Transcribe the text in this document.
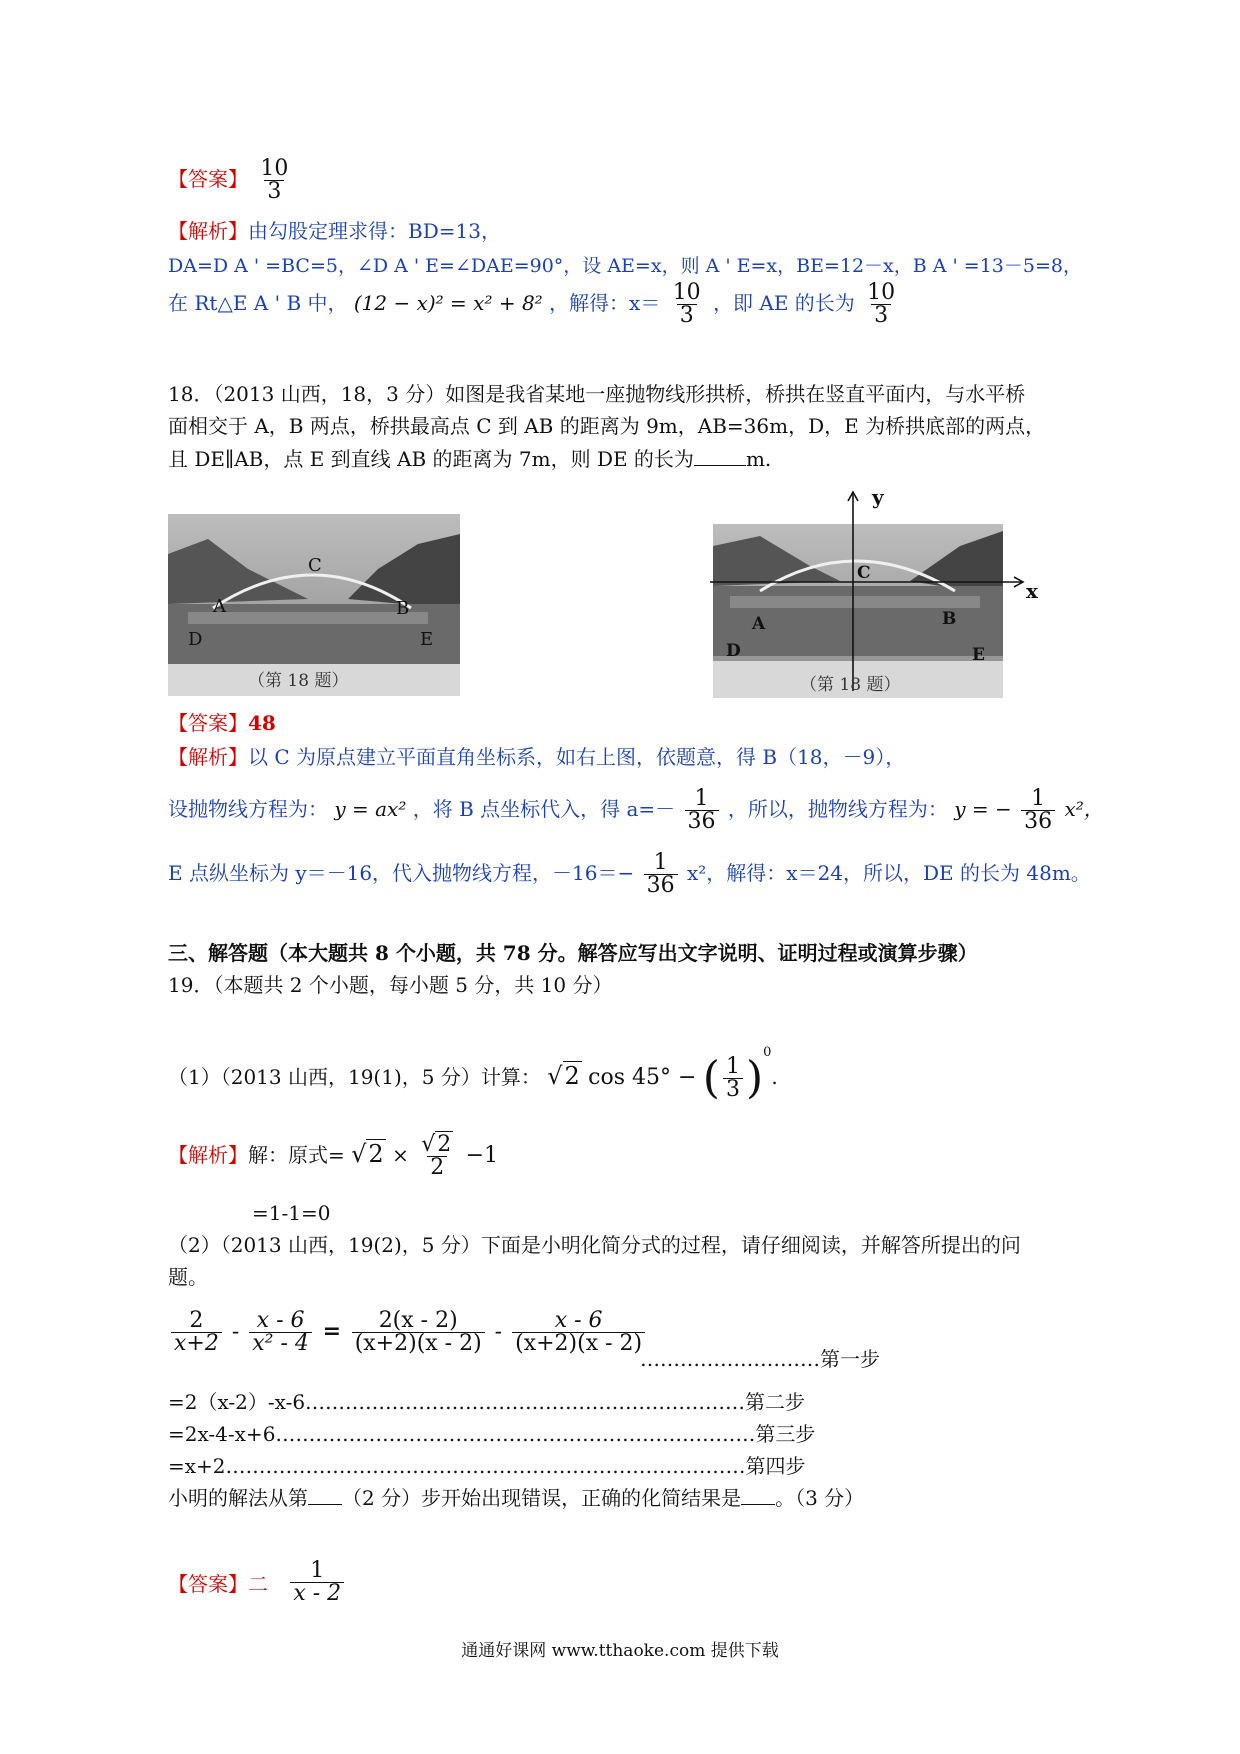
【答案】 $\frac{10}{3}$
【解析】由勾股定理求得：BD=13，
DA=D A ' =BC=5，∠D A ' E=∠DAE=90°，设 AE=x，则 A ' E=x，BE=12－x，B A ' =13－5=8，
在 Rt△E A ' B 中， (12 − x)² = x² + 8² ，解得：$x= \frac{10}{3}$ ，即 AE 的长为 $\frac{10}{3}$
18．（2013 山西，18，3 分）如图是我省某地一座抛物线形拱桥，桥拱在竖直平面内，与水平桥
面相交于 A，B 两点，桥拱最高点 C 到 AB 的距离为 9m，AB=36m，D，E 为桥拱底部的两点，
且 DE∥AB，点 E 到直线 AB 的距离为 7m，则 DE 的长为	m.
C
A	B
D	E
（第 18 题）
y
x
C
A	B
D	E
（第 18 题）
【答案】48
【解析】以 C 为原点建立平面直角坐标系，如右上图，依题意，得 B（18，－9），
设抛物线方程为： y = ax² ，将 B 点坐标代入，得 $a=- \frac{1}{36}$ ，所以，抛物线方程为： y = − $\frac{1}{36} x^2$，
E 点纵坐标为 y＝－16，代入抛物线方程，$-16=- \frac{1}{36} x^2$，解得：x＝24，所以，DE 的长为 48m。
三、解答题（本大题共 8 个小题，共 78 分。解答应写出文字说明、证明过程或演算步骤）
19．（本题共 2 个小题，每小题 5 分，共 10 分）
（1）（2013 山西，19(1)，5 分）计算： √2 cos 45° − ( $\frac{1}{3} )^0$.
【解析】解：原式= $√2 \times \frac{√2}{2} -1$
=1-1=0
（2）（2013 山西，19(2)，5 分）下面是小明化简分式的过程，请仔细阅读，并解答所提出的问
题。
$\frac{2}{x+2} - \frac{x - 6}{\text{x² - 4}} = \frac{2(x - 2)}{(x+2)(x - 2)} - \frac{x - 6}{(x+2)(x - 2)}$
………………………第一步
=2（x-2）-x-6…………………………………………………………第二步
=2x-4-x+6………………………………………………………………第三步
=x+2……………………………………………………………………第四步
小明的解法从第 （2 分）步开始出现错误，正确的化简结果是 。（3 分）
【答案】二 $\frac{1}{x - 2}$
通通好课网 www.tthaoke.com 提供下载
